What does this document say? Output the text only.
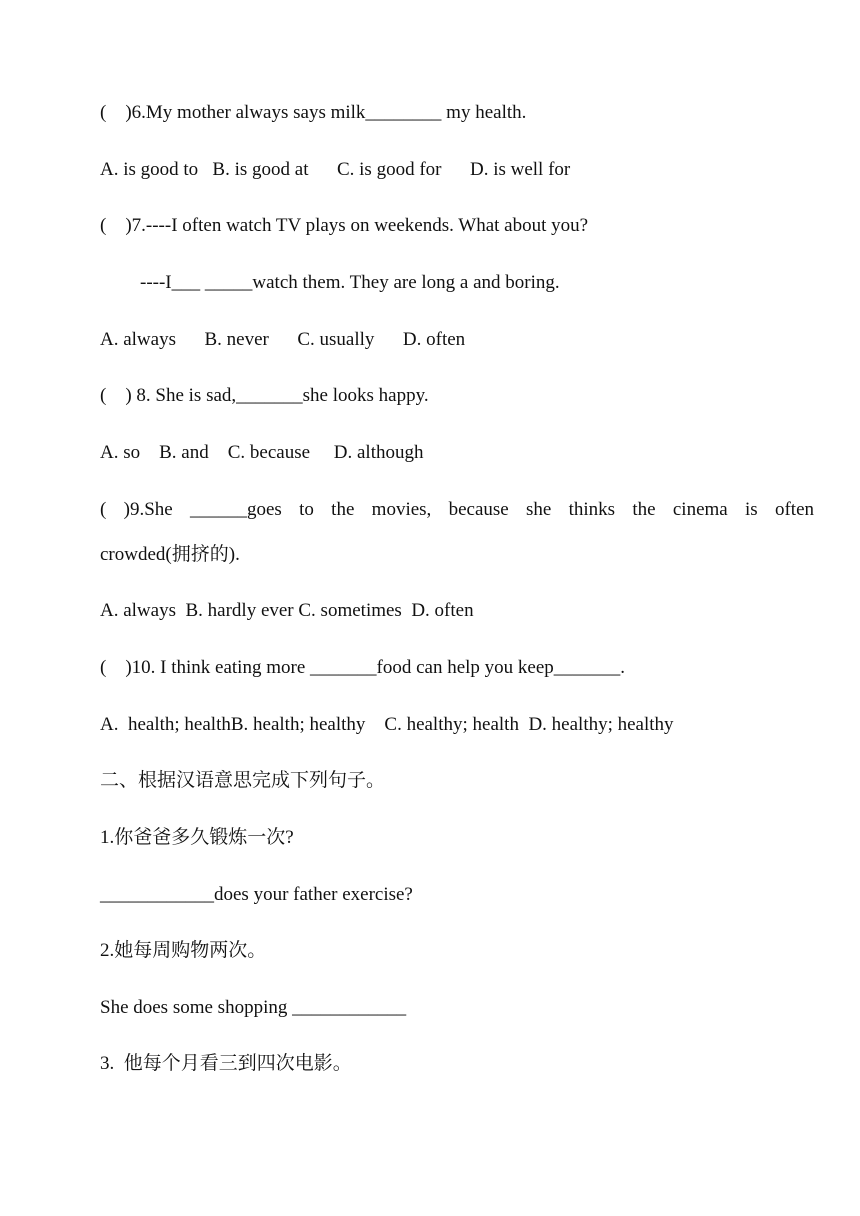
(    )6.My mother always says milk________ my health.
A. is good to   B. is good at      C. is good for      D. is well for
(    )7.----I often watch TV plays on weekends. What about you?
----I___ _____watch them. They are long a and boring.
A. always      B. never      C. usually      D. often
(    ) 8. She is sad,_______she looks happy.
A. so    B. and    C. because     D. although
( )9.She ______goes to the movies, because she thinks the cinema is often
crowded(拥挤的).
A. always  B. hardly ever C. sometimes  D. often
(    )10. I think eating more _______food can help you keep_______.
A.  health; healthB. health; healthy    C. healthy; health  D. healthy; healthy
二、根据汉语意思完成下列句子。
1.你爸爸多久锻炼一次?
____________does your father exercise?
2.她每周购物两次。
She does some shopping ____________
3.  他每个月看三到四次电影。
